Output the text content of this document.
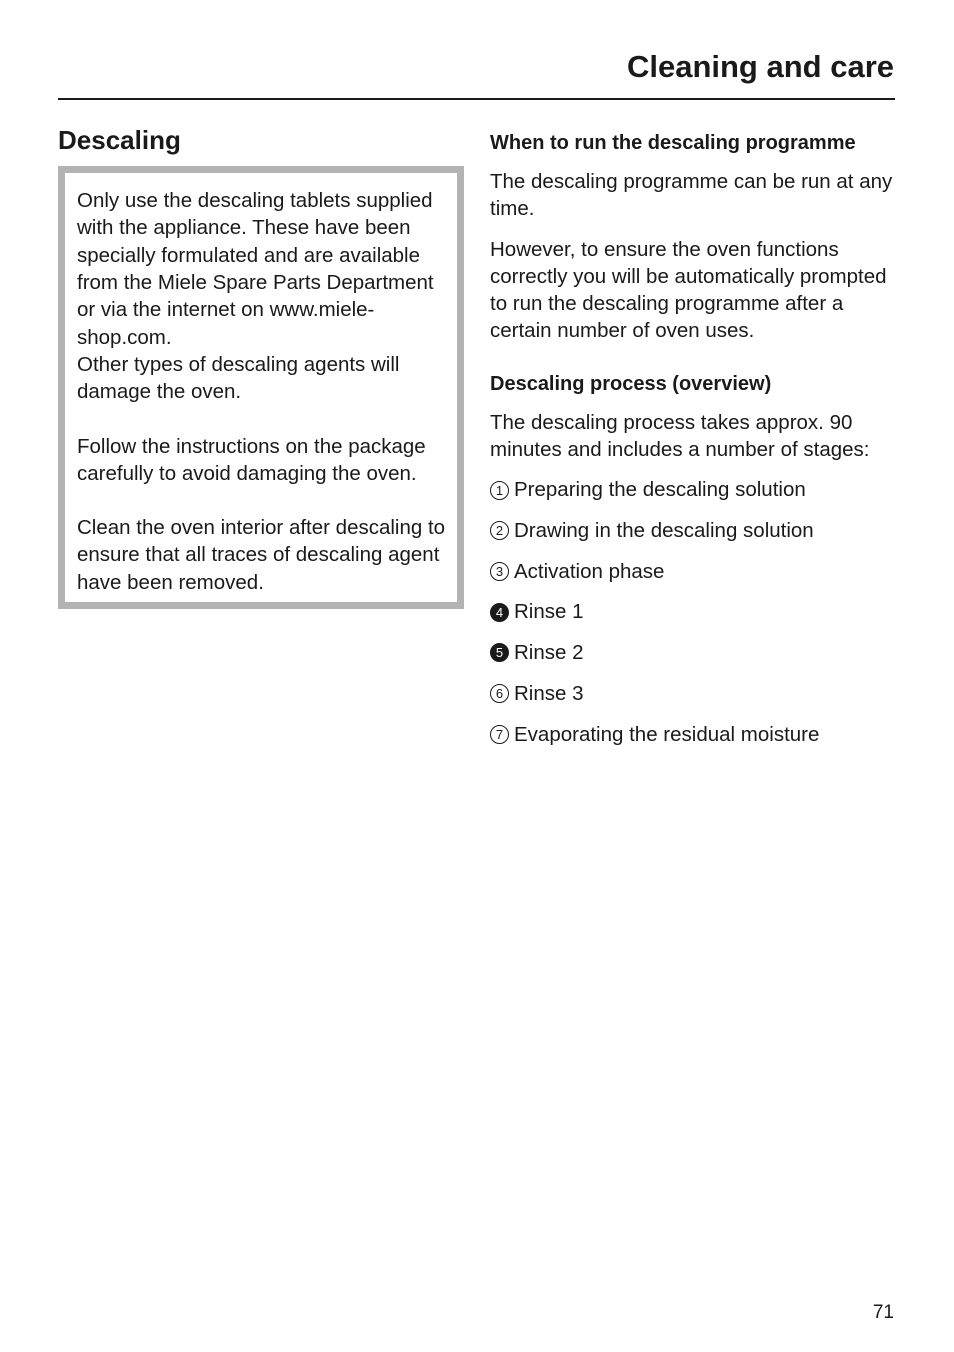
Cleaning and care
Descaling

Only use the descaling tablets supplied with the appliance. These have been specially formulated and are available from the Miele Spare Parts Department or via the internet on www.miele-shop.com.
Other types of descaling agents will damage the oven.

Follow the instructions on the package carefully to avoid damaging the oven.

Clean the oven interior after descaling to ensure that all traces of descaling agent have been removed.

When to run the descaling programme

The descaling programme can be run at any time.

However, to ensure the oven functions correctly you will be automatically prompted to run the descaling programme after a certain number of oven uses.

Descaling process (overview)

The descaling process takes approx. 90 minutes and includes a number of stages:

1 Preparing the descaling solution
2 Drawing in the descaling solution
3 Activation phase
4 Rinse 1
5 Rinse 2
6 Rinse 3
7 Evaporating the residual moisture
71
